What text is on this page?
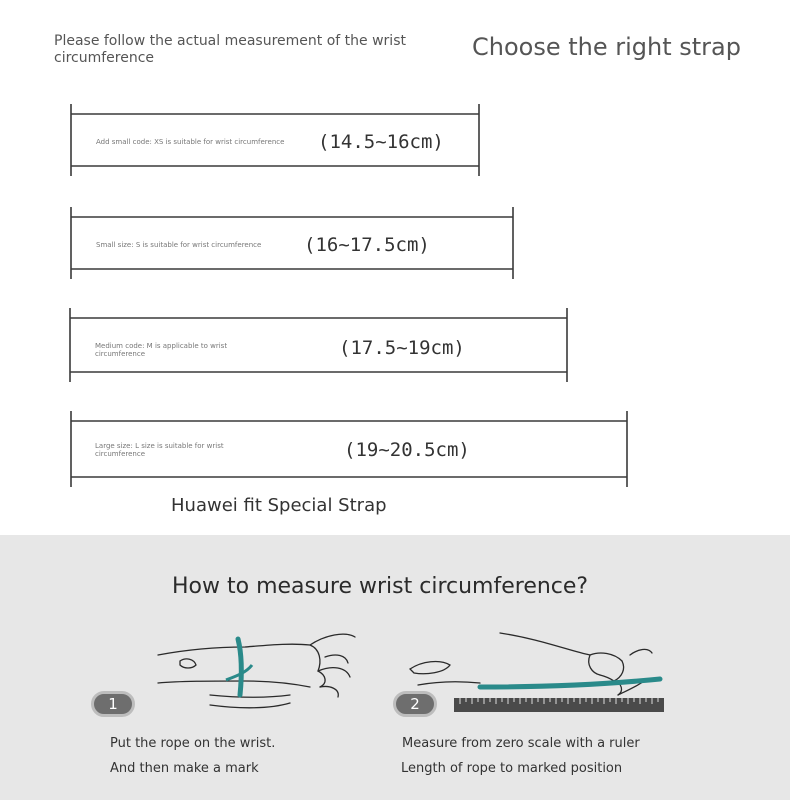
Please follow the actual measurement of the wrist circumference	Choose the right strap
Add small code: XS is suitable for wrist circumference	(14.5~16cm)
Small size: S is suitable for wrist circumference	(16~17.5cm)
Medium code: M is applicable to wrist circumference	(17.5~19cm)
Large size: L size is suitable for wrist circumference	(19~20.5cm)
Huawei fit Special Strap
How to measure wrist circumference?
1	2
Put the rope on the wrist.
And then make a mark
Measure from zero scale with a ruler
Length of rope to marked position
